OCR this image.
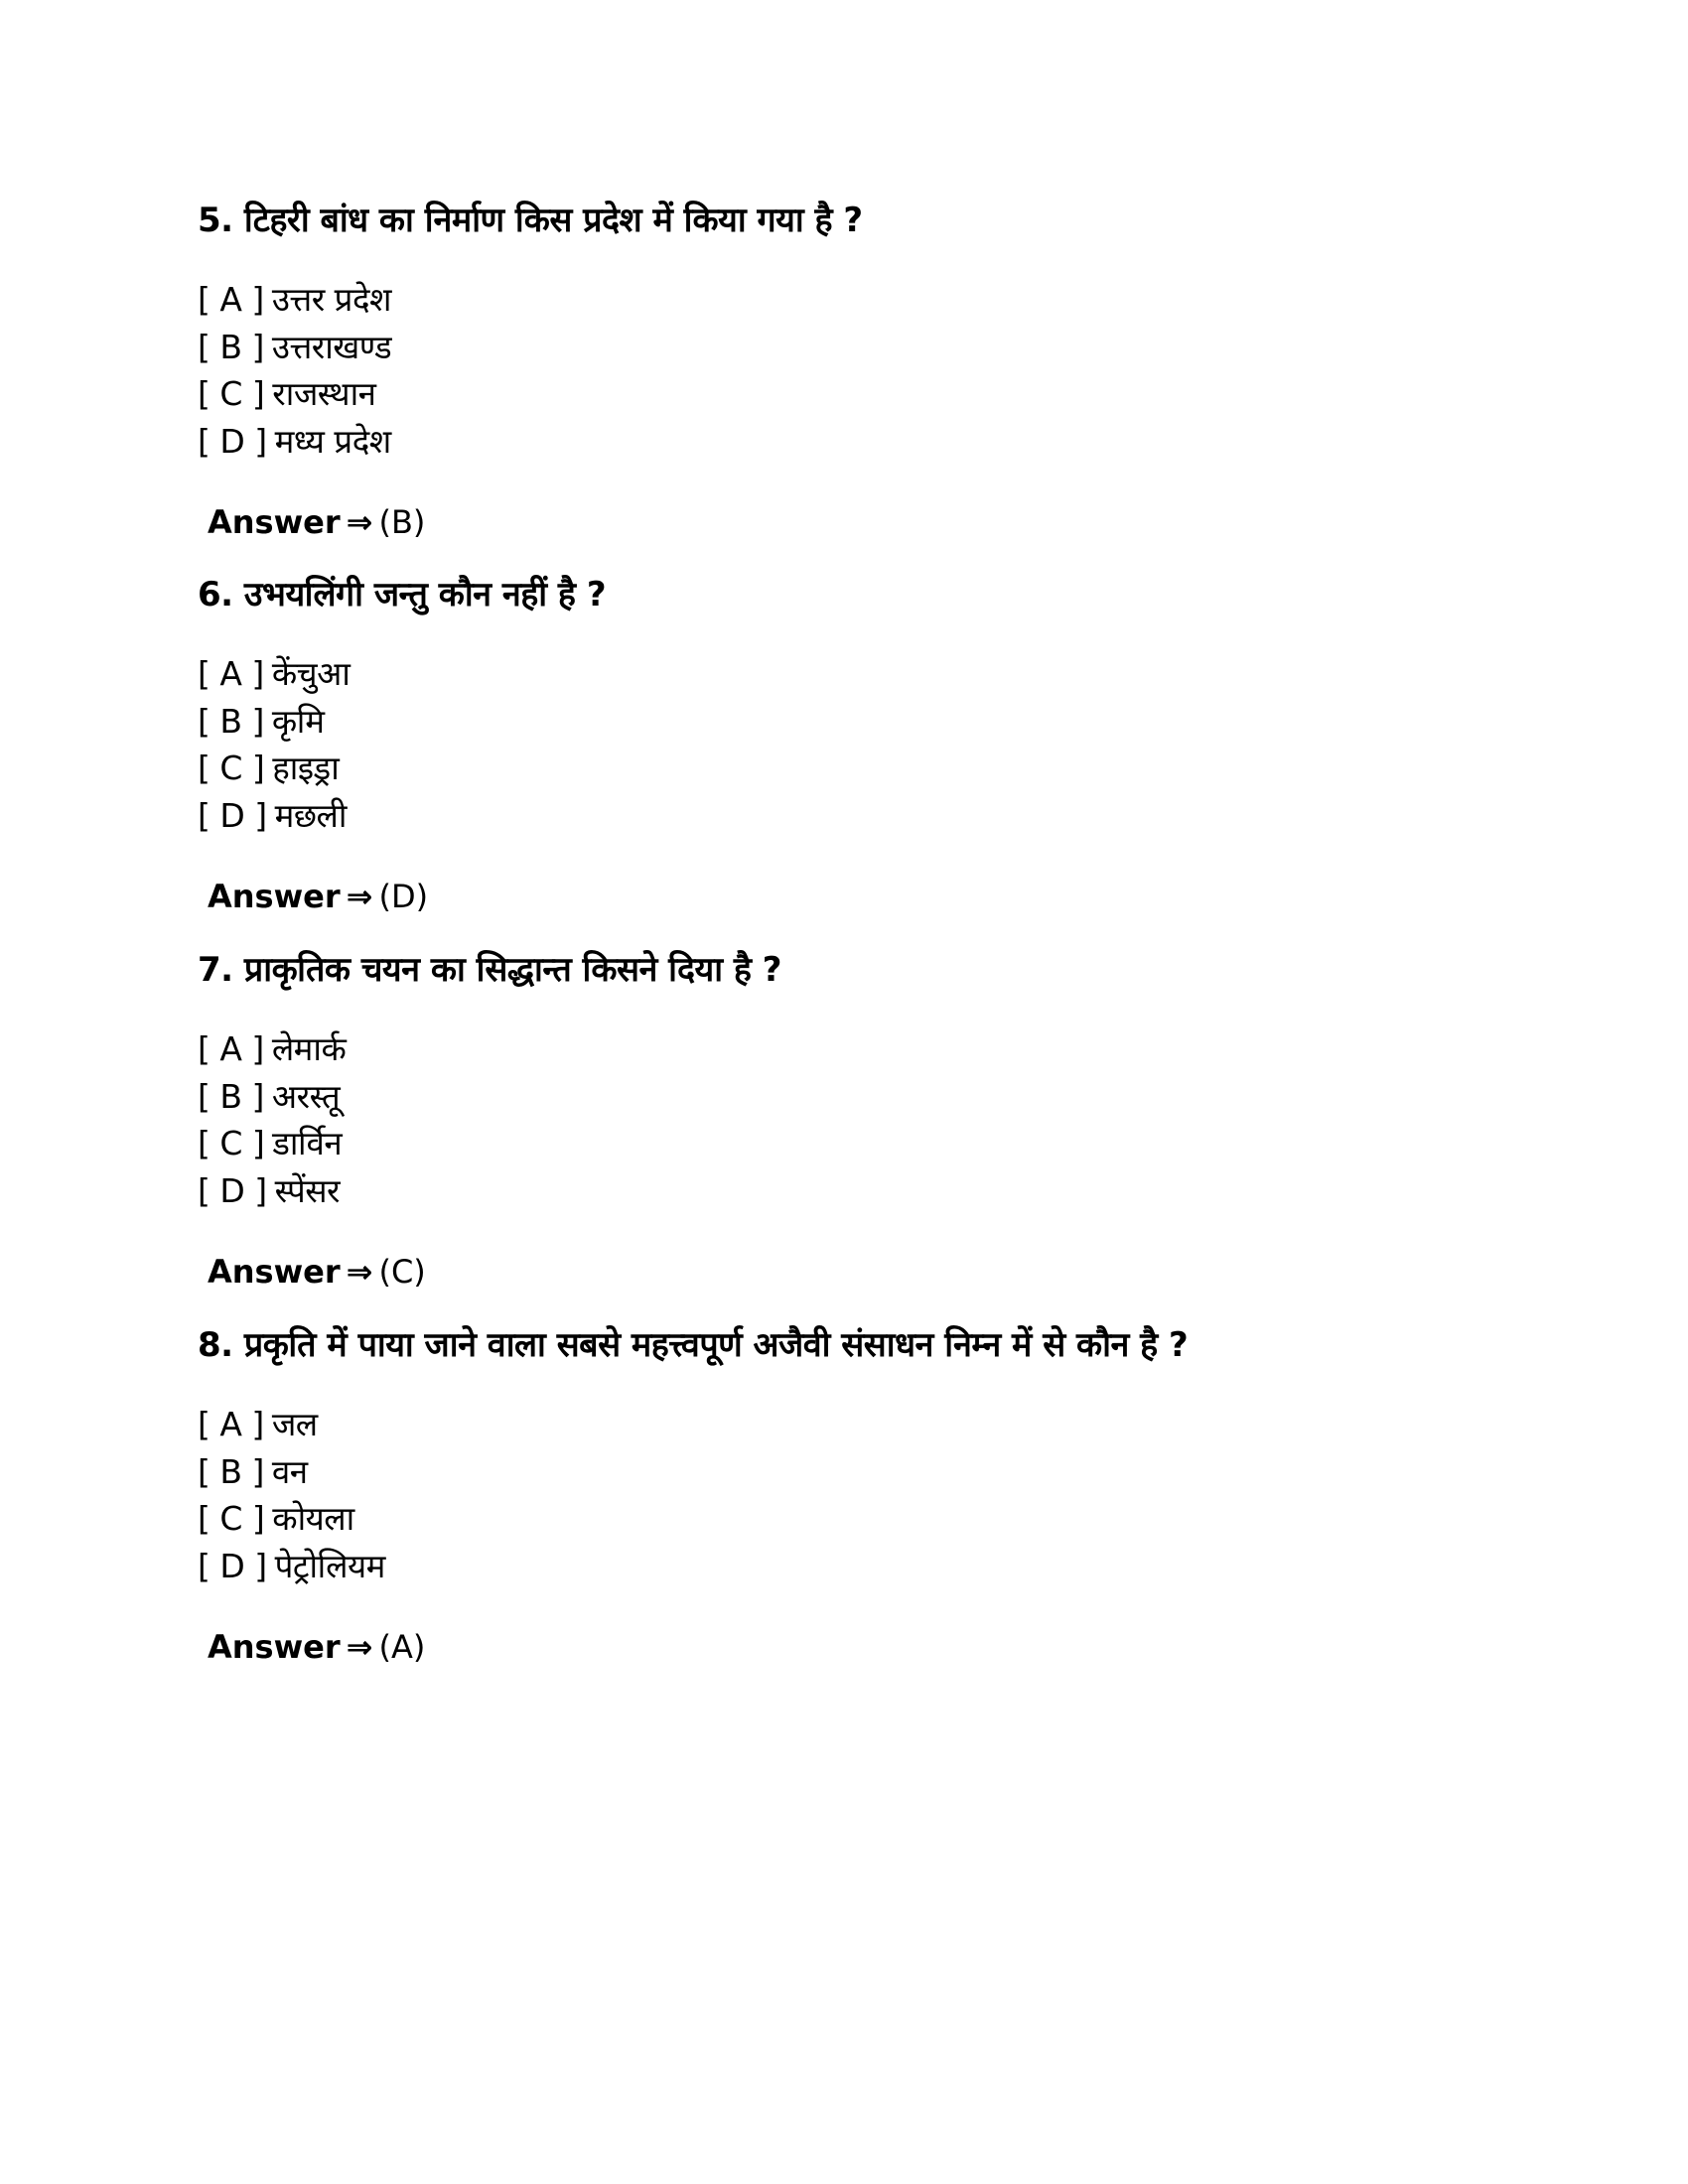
5. टिहरी बांध का निर्माण किस प्रदेश में किया गया है ?
[ A ] उत्तर प्रदेश
[ B ] उत्तराखण्ड
[ C ] राजस्थान
[ D ] मध्य प्रदेश
Answer ⇒ (B)
6. उभयलिंगी जन्तु कौन नहीं है ?
[ A ] केंचुआ
[ B ] कृमि
[ C ] हाइड्रा
[ D ] मछली
Answer ⇒ (D)
7. प्राकृतिक चयन का सिद्धान्त किसने दिया है ?
[ A ] लेमार्क
[ B ] अरस्तू
[ C ] डार्विन
[ D ] स्पेंसर
Answer ⇒ (C)
8. प्रकृति में पाया जाने वाला सबसे महत्त्वपूर्ण अजैवी संसाधन निम्न में से कौन है ?
[ A ] जल
[ B ] वन
[ C ] कोयला
[ D ] पेट्रोलियम
Answer ⇒ (A)
